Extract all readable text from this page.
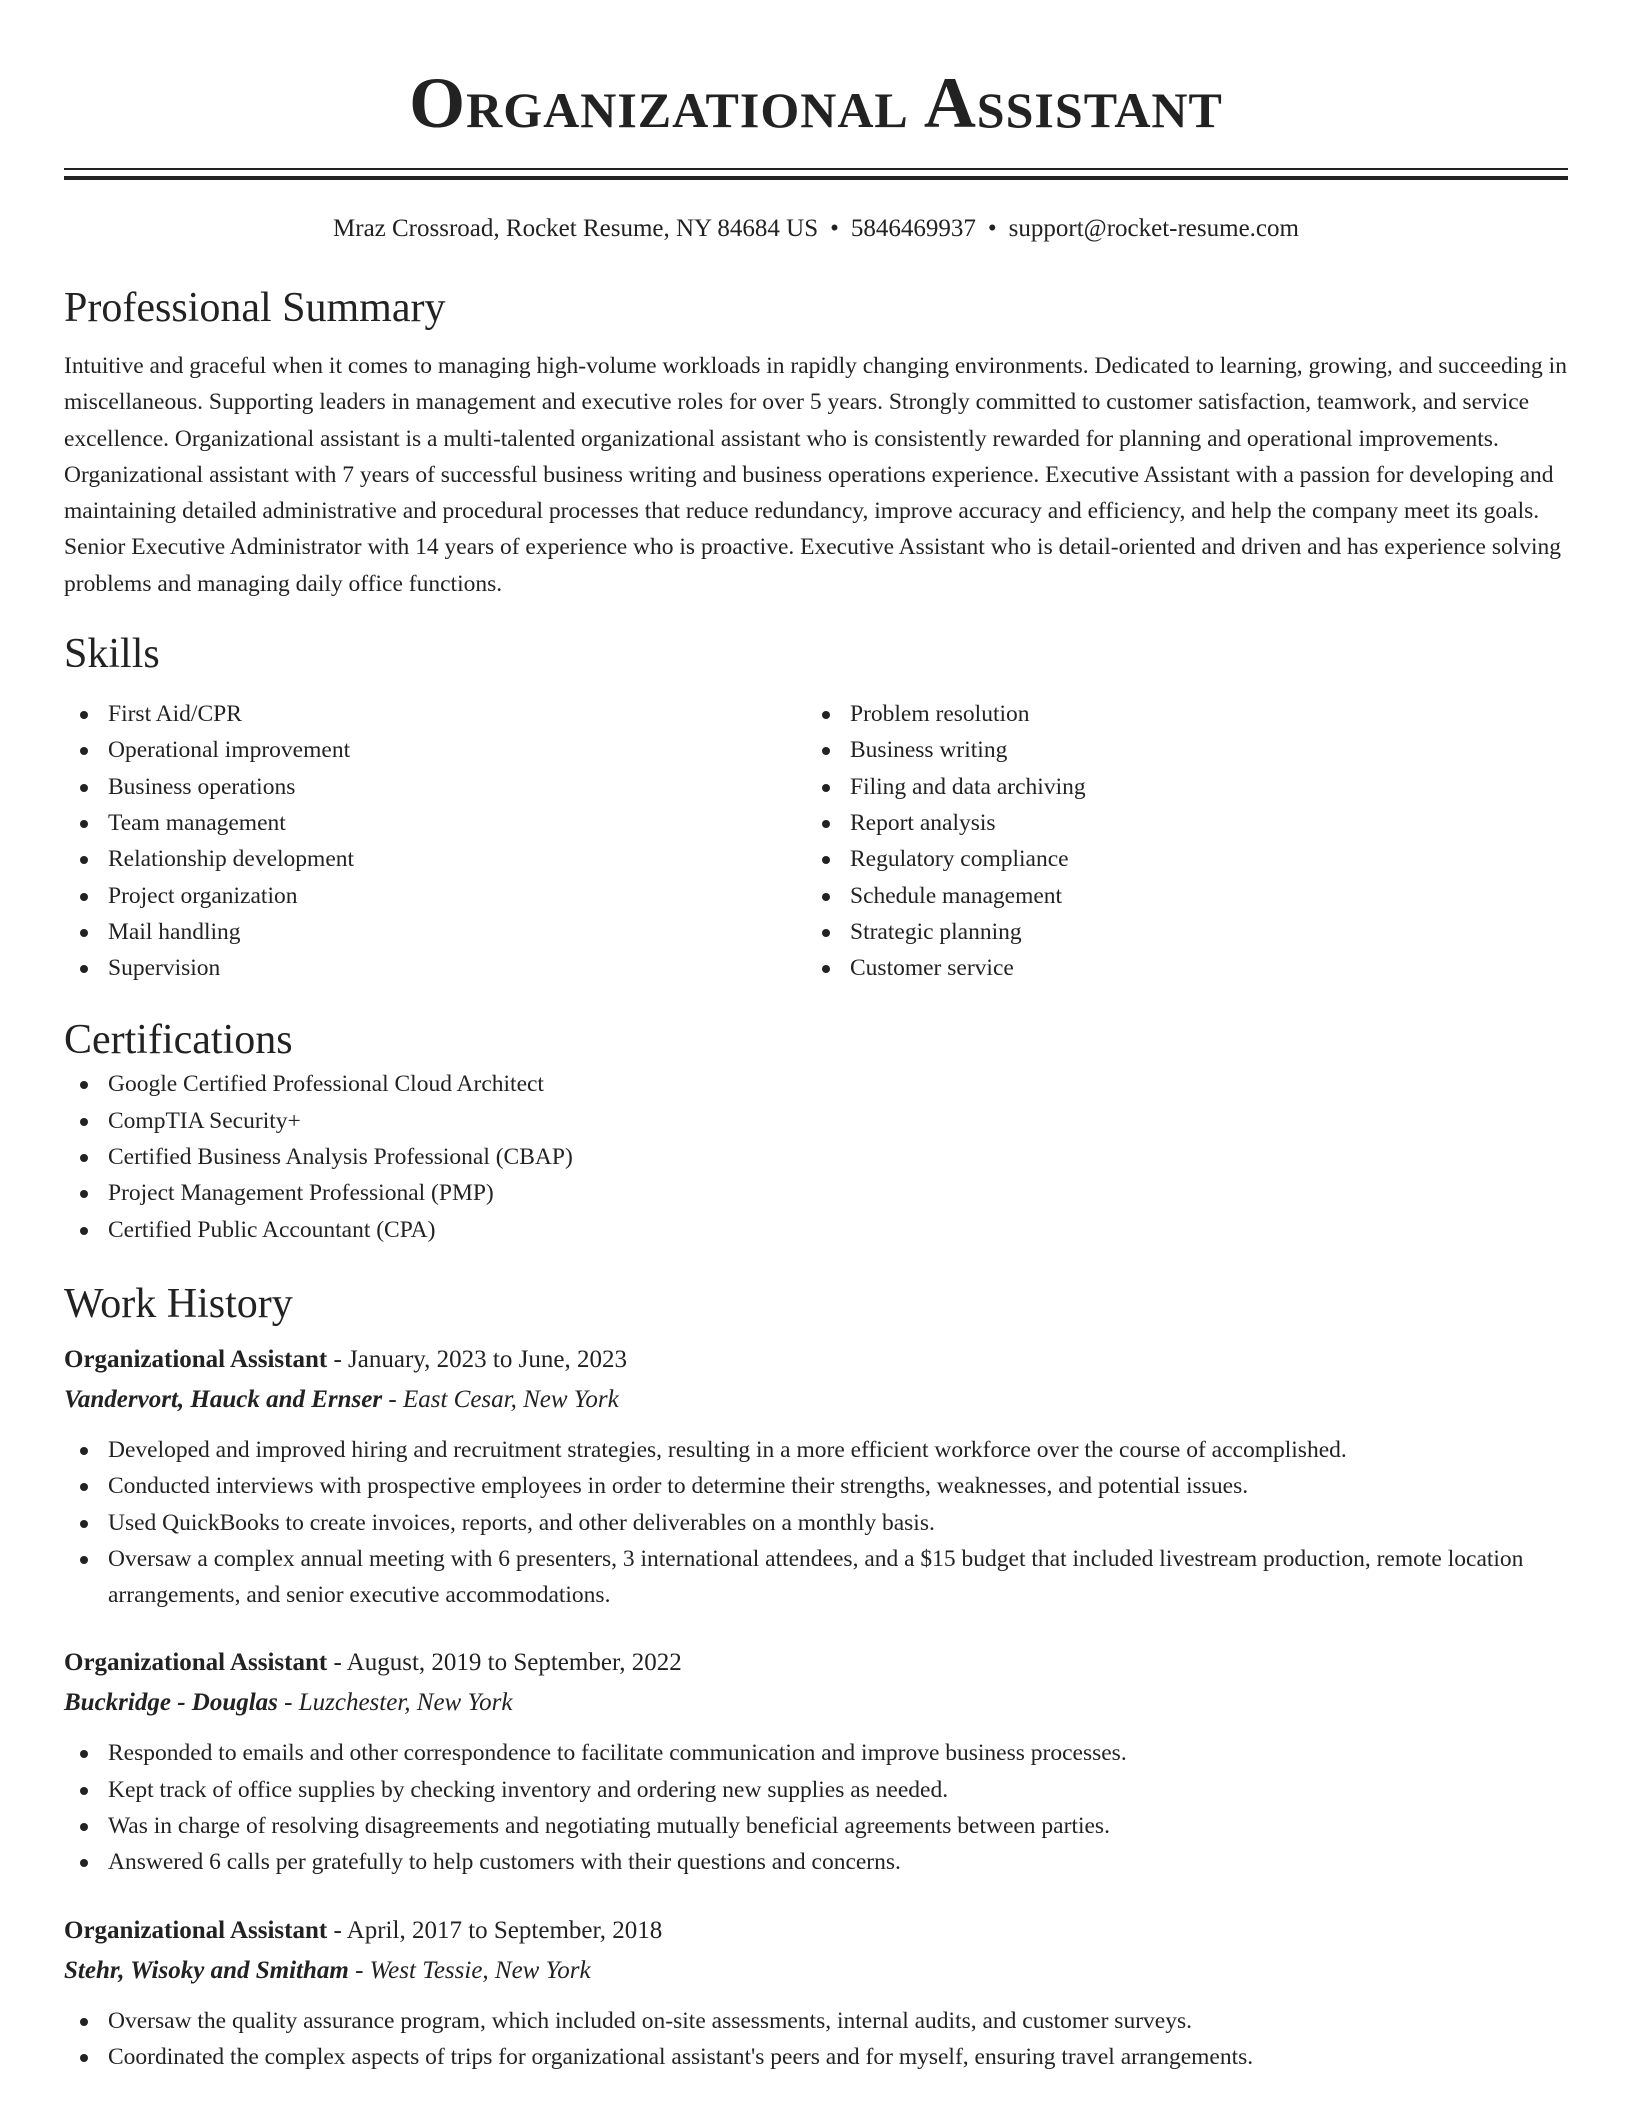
Organizational Assistant
Mraz Crossroad, Rocket Resume, NY 84684 US • 5846469937 • support@rocket-resume.com
Professional Summary

Intuitive and graceful when it comes to managing high-volume workloads in rapidly changing environments. Dedicated to learning, growing, and succeeding in miscellaneous. Supporting leaders in management and executive roles for over 5 years. Strongly committed to customer satisfaction, teamwork, and service excellence. Organizational assistant is a multi-talented organizational assistant who is consistently rewarded for planning and operational improvements. Organizational assistant with 7 years of successful business writing and business operations experience. Executive Assistant with a passion for developing and maintaining detailed administrative and procedural processes that reduce redundancy, improve accuracy and efficiency, and help the company meet its goals. Senior Executive Administrator with 14 years of experience who is proactive. Executive Assistant who is detail-oriented and driven and has experience solving problems and managing daily office functions.

Skills
First Aid/CPR
Operational improvement
Business operations
Team management
Relationship development
Project organization
Mail handling
Supervision
Problem resolution
Business writing
Filing and data archiving
Report analysis
Regulatory compliance
Schedule management
Strategic planning
Customer service
Certifications
Google Certified Professional Cloud Architect
CompTIA Security+
Certified Business Analysis Professional (CBAP)
Project Management Professional (PMP)
Certified Public Accountant (CPA)
Work History
Organizational Assistant - January, 2023 to June, 2023
Vandervort, Hauck and Ernser - East Cesar, New York
Developed and improved hiring and recruitment strategies, resulting in a more efficient workforce over the course of accomplished.
Conducted interviews with prospective employees in order to determine their strengths, weaknesses, and potential issues.
Used QuickBooks to create invoices, reports, and other deliverables on a monthly basis.
Oversaw a complex annual meeting with 6 presenters, 3 international attendees, and a $15 budget that included livestream production, remote location arrangements, and senior executive accommodations.
Organizational Assistant - August, 2019 to September, 2022
Buckridge - Douglas - Luzchester, New York
Responded to emails and other correspondence to facilitate communication and improve business processes.
Kept track of office supplies by checking inventory and ordering new supplies as needed.
Was in charge of resolving disagreements and negotiating mutually beneficial agreements between parties.
Answered 6 calls per gratefully to help customers with their questions and concerns.
Organizational Assistant - April, 2017 to September, 2018
Stehr, Wisoky and Smitham - West Tessie, New York
Oversaw the quality assurance program, which included on-site assessments, internal audits, and customer surveys.
Coordinated the complex aspects of trips for organizational assistant's peers and for myself, ensuring travel arrangements.
